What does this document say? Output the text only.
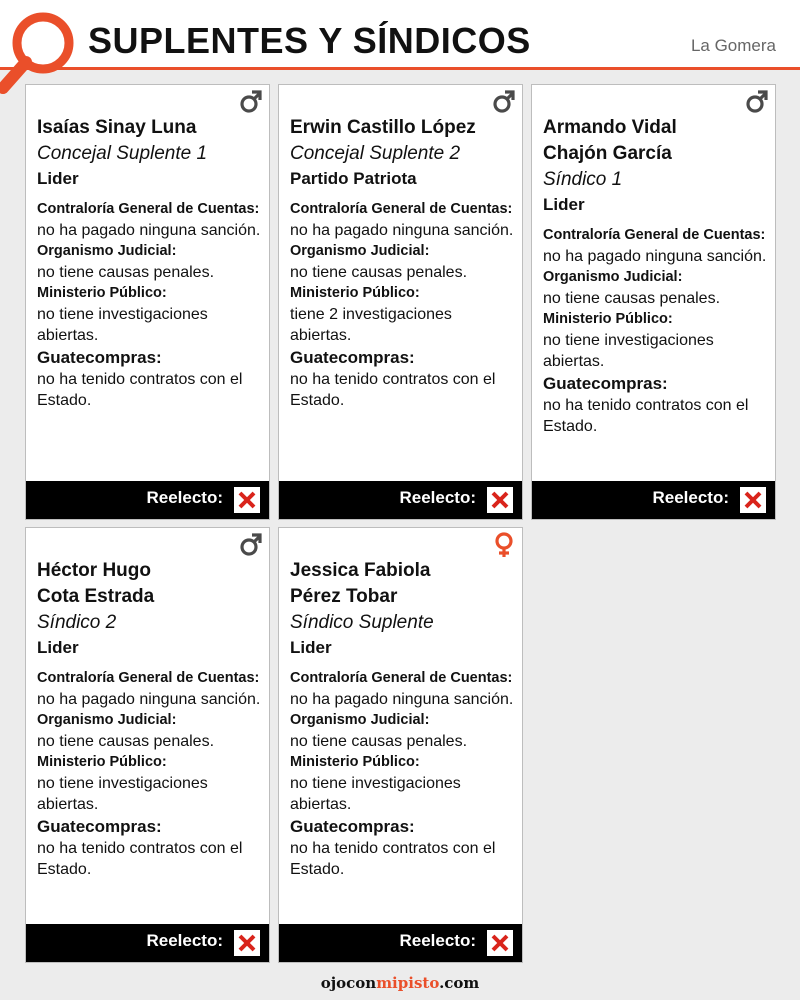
SUPLENTES Y SÍNDICOS	La Gomera
Isaías Sinay Luna
Concejal Suplente 1
Lider
Contraloría General de Cuentas:
no ha pagado ninguna sanción.
Organismo Judicial:
no tiene causas penales.
Ministerio Público:
no tiene investigaciones abiertas.
Guatecompras:
no ha tenido contratos con el Estado.
Reelecto:
Erwin Castillo López
Concejal Suplente 2
Partido Patriota
Contraloría General de Cuentas:
no ha pagado ninguna sanción.
Organismo Judicial:
no tiene causas penales.
Ministerio Público:
tiene 2 investigaciones abiertas.
Guatecompras:
no ha tenido contratos con el Estado.
Reelecto:
Armando Vidal
Chajón García
Síndico 1
Lider
Contraloría General de Cuentas:
no ha pagado ninguna sanción.
Organismo Judicial:
no tiene causas penales.
Ministerio Público:
no tiene investigaciones abiertas.
Guatecompras:
no ha tenido contratos con el Estado.
Reelecto:
Héctor Hugo
Cota Estrada
Síndico 2
Lider
Contraloría General de Cuentas:
no ha pagado ninguna sanción.
Organismo Judicial:
no tiene causas penales.
Ministerio Público:
no tiene investigaciones abiertas.
Guatecompras:
no ha tenido contratos con el Estado.
Reelecto:
Jessica Fabiola
Pérez Tobar
Síndico Suplente
Lider
Contraloría General de Cuentas:
no ha pagado ninguna sanción.
Organismo Judicial:
no tiene causas penales.
Ministerio Público:
no tiene investigaciones abiertas.
Guatecompras:
no ha tenido contratos con el Estado.
Reelecto:
ojoconmipisto.com
